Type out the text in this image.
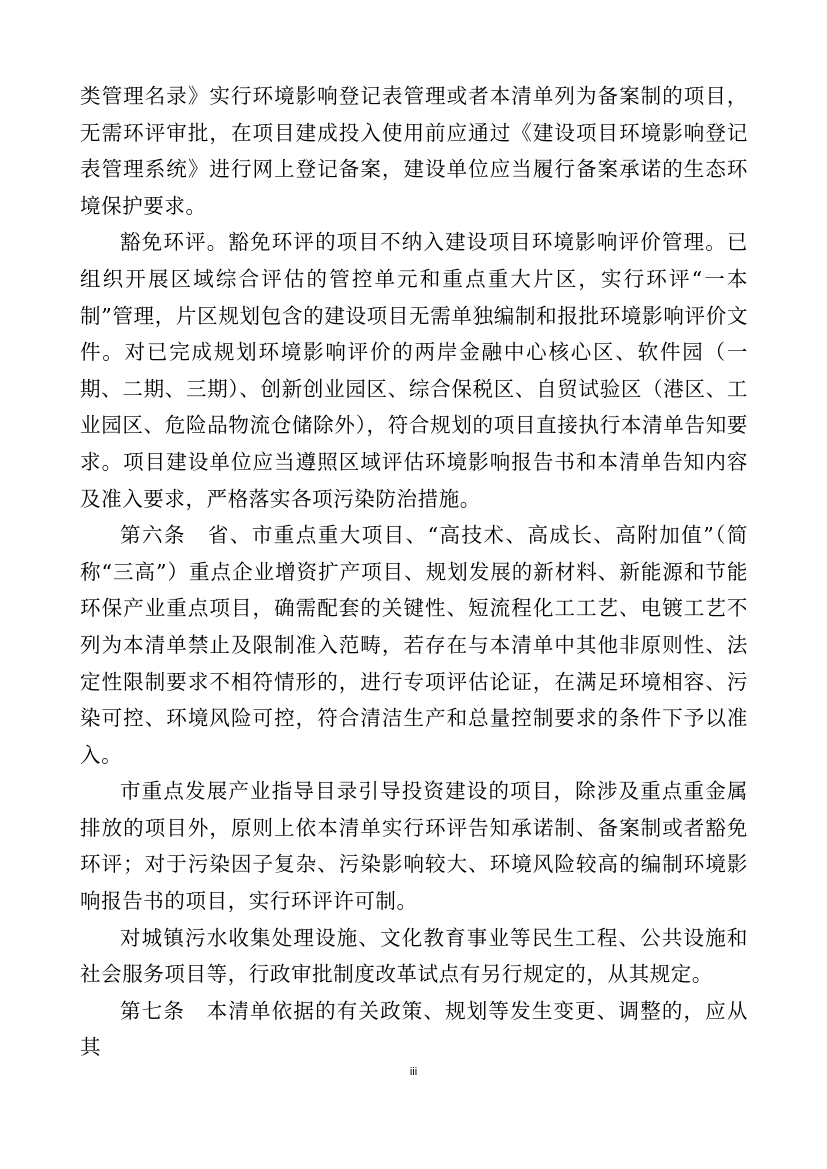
类管理名录》实行环境影响登记表管理或者本清单列为备案制的项目，无需环评审批，在项目建成投入使用前应通过《建设项目环境影响登记表管理系统》进行网上登记备案，建设单位应当履行备案承诺的生态环境保护要求。

豁免环评。豁免环评的项目不纳入建设项目环境影响评价管理。已组织开展区域综合评估的管控单元和重点重大片区，实行环评“一本制”管理，片区规划包含的建设项目无需单独编制和报批环境影响评价文件。对已完成规划环境影响评价的两岸金融中心核心区、软件园（一期、二期、三期）、创新创业园区、综合保税区、自贸试验区（港区、工业园区、危险品物流仓储除外），符合规划的项目直接执行本清单告知要求。项目建设单位应当遵照区域评估环境影响报告书和本清单告知内容及准入要求，严格落实各项污染防治措施。

第六条　省、市重点重大项目、“高技术、高成长、高附加值”（简称“三高”）重点企业增资扩产项目、规划发展的新材料、新能源和节能环保产业重点项目，确需配套的关键性、短流程化工工艺、电镀工艺不列为本清单禁止及限制准入范畴，若存在与本清单中其他非原则性、法定性限制要求不相符情形的，进行专项评估论证，在满足环境相容、污染可控、环境风险可控，符合清洁生产和总量控制要求的条件下予以准入。

市重点发展产业指导目录引导投资建设的项目，除涉及重点重金属排放的项目外，原则上依本清单实行环评告知承诺制、备案制或者豁免环评；对于污染因子复杂、污染影响较大、环境风险较高的编制环境影响报告书的项目，实行环评许可制。

对城镇污水收集处理设施、文化教育事业等民生工程、公共设施和社会服务项目等，行政审批制度改革试点有另行规定的，从其规定。

第七条　本清单依据的有关政策、规划等发生变更、调整的，应从其

iii
